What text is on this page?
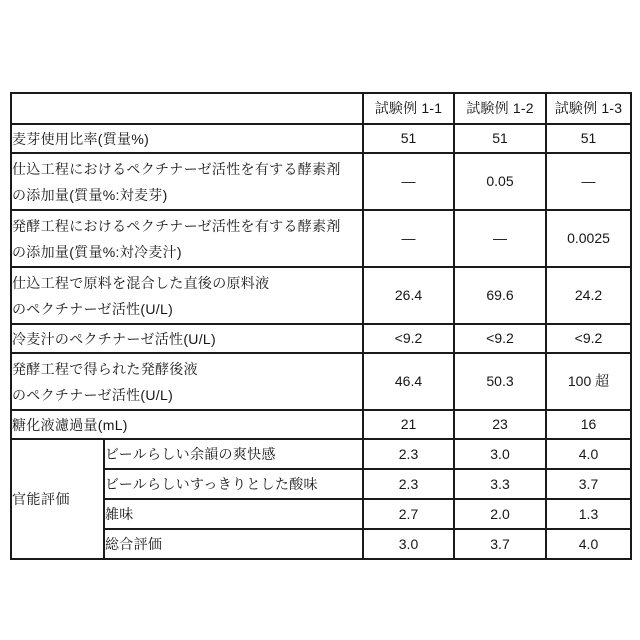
		試験例 1-1	試験例 1-2	試験例 1-3
麦芽使用比率(質量%)		51	51	51
仕込工程におけるペクチナーゼ活性を有する酵素剤
の添加量(質量%:対麦芽)		—	0.05	—
発酵工程におけるペクチナーゼ活性を有する酵素剤
の添加量(質量%:対冷麦汁)		—	—	0.0025
仕込工程で原料を混合した直後の原料液
のペクチナーゼ活性(U/L)		26.4	69.6	24.2
冷麦汁のペクチナーゼ活性(U/L)		<9.2	<9.2	<9.2
発酵工程で得られた発酵後液
のペクチナーゼ活性(U/L)		46.4	50.3	100 超
糖化液濾過量(mL)		21	23	16
官能評価	ビールらしい余韻の爽快感	2.3	3.0	4.0
	ビールらしいすっきりとした酸味	2.3	3.3	3.7
	雑味	2.7	2.0	1.3
	総合評価	3.0	3.7	4.0
